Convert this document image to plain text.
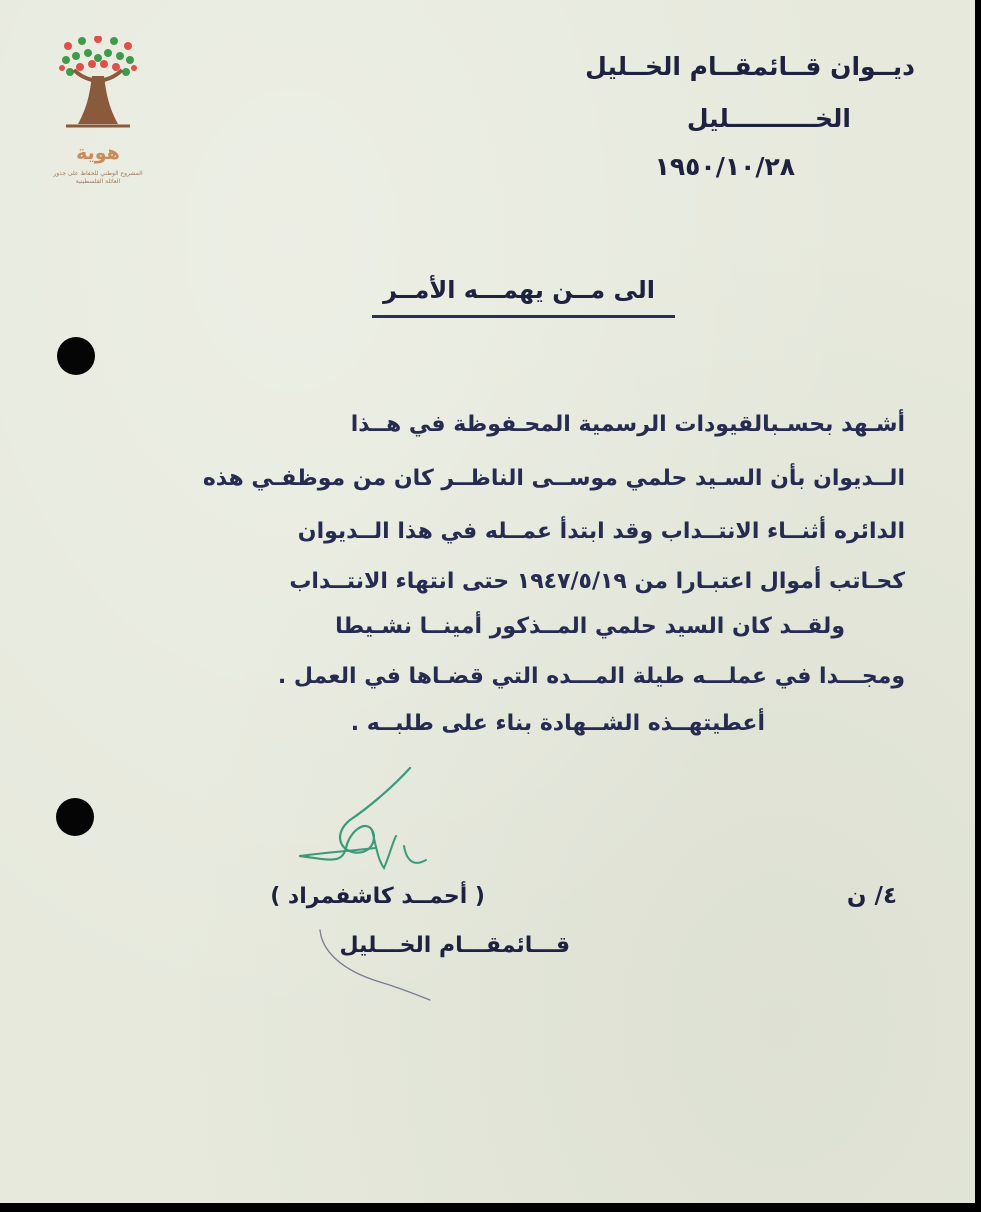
هوية
المشروع الوطني للحفاظ على جذور العائلة الفلسطينية
ديــوان قــائمقــام الخــليل
الخــــــــــليل
١٩٥٠/١٠/٢٨
الى مــن يهمـــه الأمــر
أشـهد بحسـبالقيودات الرسمية المحـفوظة في هــذا
الــديوان بأن السـيد حلمي موســى الناظــر كان من موظفـي هذه
الدائره أثنــاء الانتــداب وقد ابتدأ عمــله في هذا الــديوان
كحـاتب أموال اعتبـارا من ١٩٤٧/٥/١٩ حتى انتهاء الانتــداب
ولقــد كان السيد حلمي المــذكور أمينــا نشـيطا
ومجـــدا في عملـــه طيلة المـــده التي قضـاها في العمل .
أعطيتهــذه الشــهادة بناء على طلبــه .
( أحمــد كاشفمراد )
قـــائمقـــام الخـــليل
٤/ ن
